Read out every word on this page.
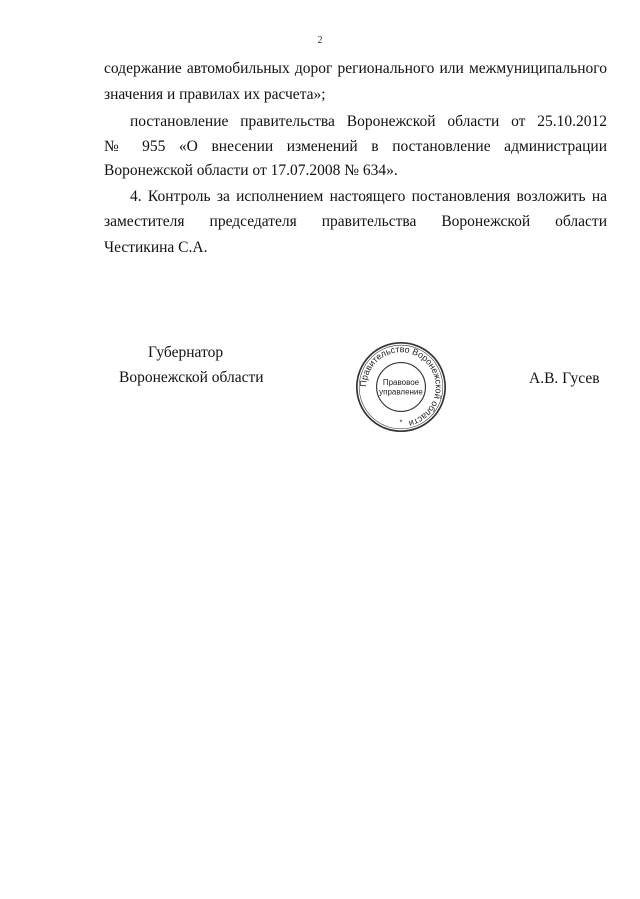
2
содержание автомобильных дорог регионального или межмуниципального
значения и правилах их расчета»;
постановление правительства Воронежской области от 25.10.2012
№ 955 «О внесении изменений в постановление администрации
Воронежской области от 17.07.2008 № 634».
4. Контроль за исполнением настоящего постановления возложить на
заместителя председателя правительства Воронежской области
Честикина С.А.
Губернатор
Воронежской области	А.В. Гусев
Правительство Воронежской области
Правовое
управление
*
